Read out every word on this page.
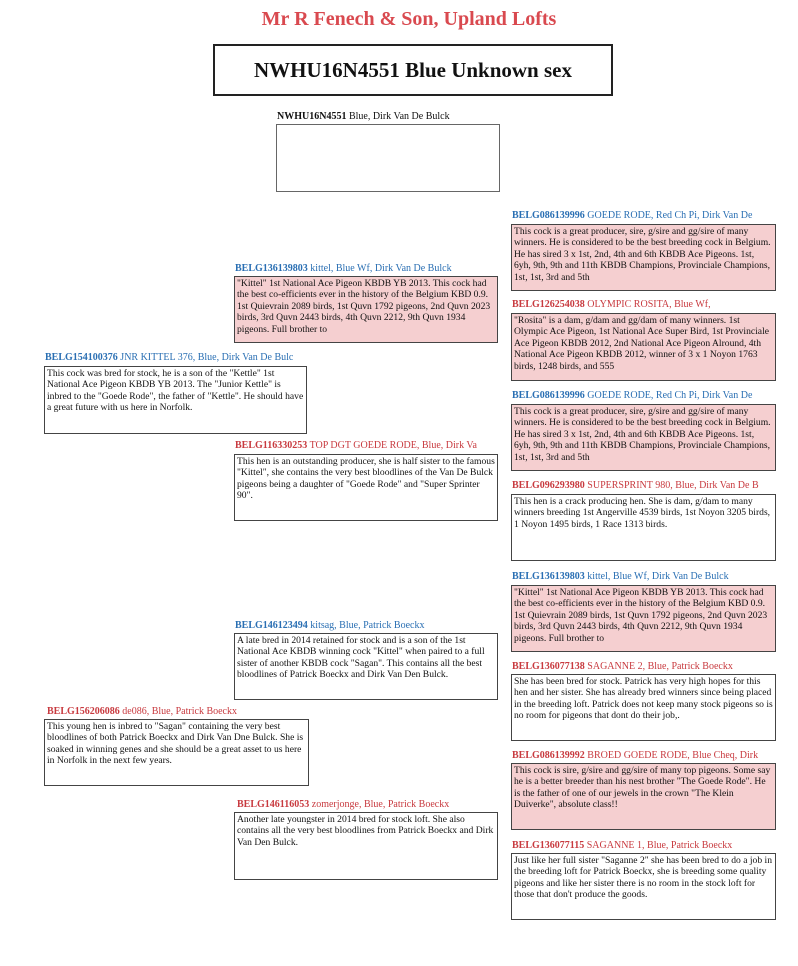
Mr R Fenech & Son, Upland Lofts
NWHU16N4551 Blue Unknown sex
NWHU16N4551 Blue, Dirk Van De Bulck
BELG154100376 JNR KITTEL 376, Blue, Dirk Van De Bulc
This cock was bred for stock, he is a son of the "Kettle" 1st National Ace Pigeon KBDB YB 2013. The "Junior Kettle" is inbred to the "Goede Rode", the father of "Kettle". He should have a great future with us here in Norfolk.
BELG136139803 kittel, Blue Wf, Dirk Van De Bulck
"Kittel" 1st National Ace Pigeon KBDB YB 2013. This cock had the best co-efficients ever in the history of the Belgium KBD 0.9. 1st Quievrain 2089 birds, 1st Quvn 1792 pigeons, 2nd Quvn 2023 birds, 3rd Quvn 2443 birds, 4th Quvn 2212, 9th Quvn 1934 pigeons. Full brother to
BELG086139996 GOEDE RODE, Red Ch Pi, Dirk Van De
This cock is a great producer, sire, g/sire and gg/sire of many winners. He is considered to be the best breeding cock in Belgium. He has sired 3 x 1st, 2nd, 4th and 6th KBDB Ace Pigeons. 1st, 6yh, 9th, 9th and 11th KBDB Champions, Provinciale Champions, 1st, 1st, 3rd and 5th
BELG126254038 OLYMPIC ROSITA, Blue Wf,
"Rosita" is a dam, g/dam and gg/dam of many winners. 1st Olympic Ace Pigeon, 1st National Ace Super Bird, 1st Provinciale Ace Pigeon KBDB 2012, 2nd National Ace Pigeon Alround, 4th National Ace Pigeon KBDB 2012, winner of 3 x 1 Noyon 1763 birds, 1248 birds, and 555
BELG116330253 TOP DGT GOEDE RODE, Blue, Dirk Va
This hen is an outstanding producer, she is half sister to the famous "Kittel", she contains the very best bloodlines of the Van De Bulck pigeons being a daughter of "Goede Rode" and "Super Sprinter 90".
BELG086139996 GOEDE RODE, Red Ch Pi, Dirk Van De
This cock is a great producer, sire, g/sire and gg/sire of many winners. He is considered to be the best breeding cock in Belgium. He has sired 3 x 1st, 2nd, 4th and 6th KBDB Ace Pigeons. 1st, 6yh, 9th, 9th and 11th KBDB Champions, Provinciale Champions, 1st, 1st, 3rd and 5th
BELG096293980 SUPERSPRINT 980, Blue, Dirk Van De B
This hen is a crack producing hen. She is dam, g/dam to many winners breeding 1st Angerville 4539 birds, 1st Noyon 3205 birds, 1 Noyon 1495 birds, 1 Race 1313 birds.
BELG156206086 de086, Blue, Patrick Boeckx
This young hen is inbred to "Sagan" containing the very best bloodlines of both Patrick Boeckx and Dirk Van Dne Bulck. She is soaked in winning genes and she should be a great asset to us here in Norfolk in the next few years.
BELG146123494 kitsag, Blue, Patrick Boeckx
A late bred in 2014 retained for stock and is a son of the 1st National Ace KBDB winning cock "Kittel" when paired to a full sister of another KBDB cock "Sagan". This contains all the best bloodlines of Patrick Boeckx and Dirk Van Den Bulck.
BELG136139803 kittel, Blue Wf, Dirk Van De Bulck
"Kittel" 1st National Ace Pigeon KBDB YB 2013. This cock had the best co-efficients ever in the history of the Belgium KBD 0.9. 1st Quievrain 2089 birds, 1st Quvn 1792 pigeons, 2nd Quvn 2023 birds, 3rd Quvn 2443 birds, 4th Quvn 2212, 9th Quvn 1934 pigeons. Full brother to
BELG136077138 SAGANNE 2, Blue, Patrick Boeckx
She has been bred for stock. Patrick has very high hopes for this hen and her sister. She has already bred winners since being placed in the breeding loft. Patrick does not keep many stock pigeons so is no room for pigeons that dont do their job,.
BELG146116053 zomerjonge, Blue, Patrick Boeckx
Another late youngster in 2014 bred for stock loft. She also contains all the very best bloodlines from Patrick Boeckx and Dirk Van Den Bulck.
BELG086139992 BROED GOEDE RODE, Blue Cheq, Dirk
This cock is sire, g/sire and gg/sire of many top pigeons. Some say he is a better breeder than his nest brother "The Goede Rode". He is the father of one of our jewels in the crown "The Klein Duiverke", absolute class!!
BELG136077115 SAGANNE 1, Blue, Patrick Boeckx
Just like her full sister "Saganne 2" she has been bred to do a job in the breeding loft for Patrick Boeckx, she is breeding some quality pigeons and like her sister there is no room in the stock loft for those that don't produce the goods.
